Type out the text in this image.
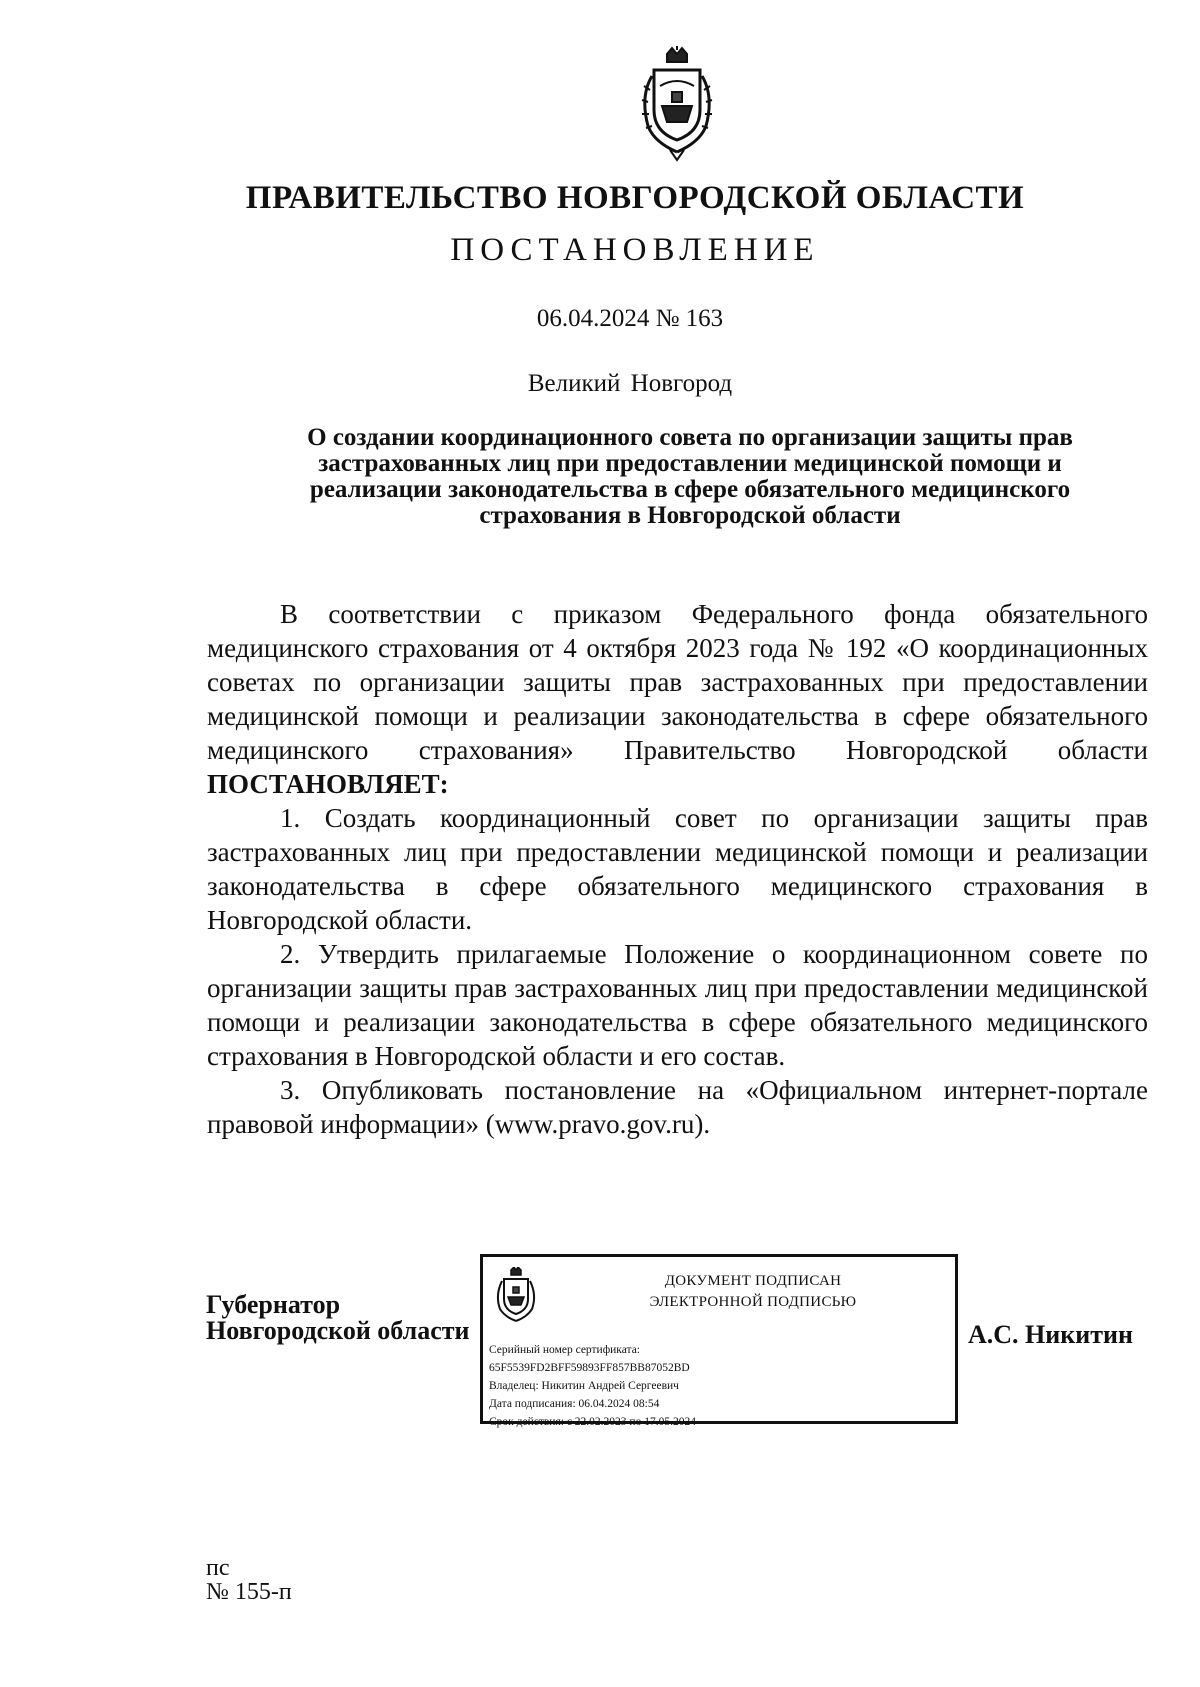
ПРАВИТЕЛЬСТВО НОВГОРОДСКОЙ ОБЛАСТИ
ПОСТАНОВЛЕНИЕ
06.04.2024 № 163
Великий Новгород
О создании координационного совета по организации защиты прав
застрахованных лиц при предоставлении медицинской помощи и
реализации законодательства в сфере обязательного медицинского
страхования в Новгородской области

В соответствии с приказом Федерального фонда обязательного медицинского страхования от 4 октября 2023 года № 192 «О координационных советах по организации защиты прав застрахованных при предоставлении медицинской помощи и реализации законодательства в сфере обязательного медицинского страхования» Правительство Новгородской области ПОСТАНОВЛЯЕТ:

1. Создать координационный совет по организации защиты прав застрахованных лиц при предоставлении медицинской помощи и реализации законодательства в сфере обязательного медицинского страхования в Новгородской области.

2. Утвердить прилагаемые Положение о координационном совете по организации защиты прав застрахованных лиц при предоставлении медицинской помощи и реализации законодательства в сфере обязательного медицинского страхования в Новгородской области и его состав.

3. Опубликовать постановление на «Официальном интернет-портале правовой информации» (www.pravo.gov.ru).

Губернатор
Новгородской области
ДОКУМЕНТ ПОДПИСАН
ЭЛЕКТРОННОЙ ПОДПИСЬЮ
Серийный номер сертификата:
65F5539FD2BFF59893FF857BB87052BD
Владелец: Никитин Андрей Сергеевич
Дата подписания: 06.04.2024 08:54
Срок действия: с 22.02.2023 по 17.05.2024
А.С. Никитин
пс
№ 155-п
